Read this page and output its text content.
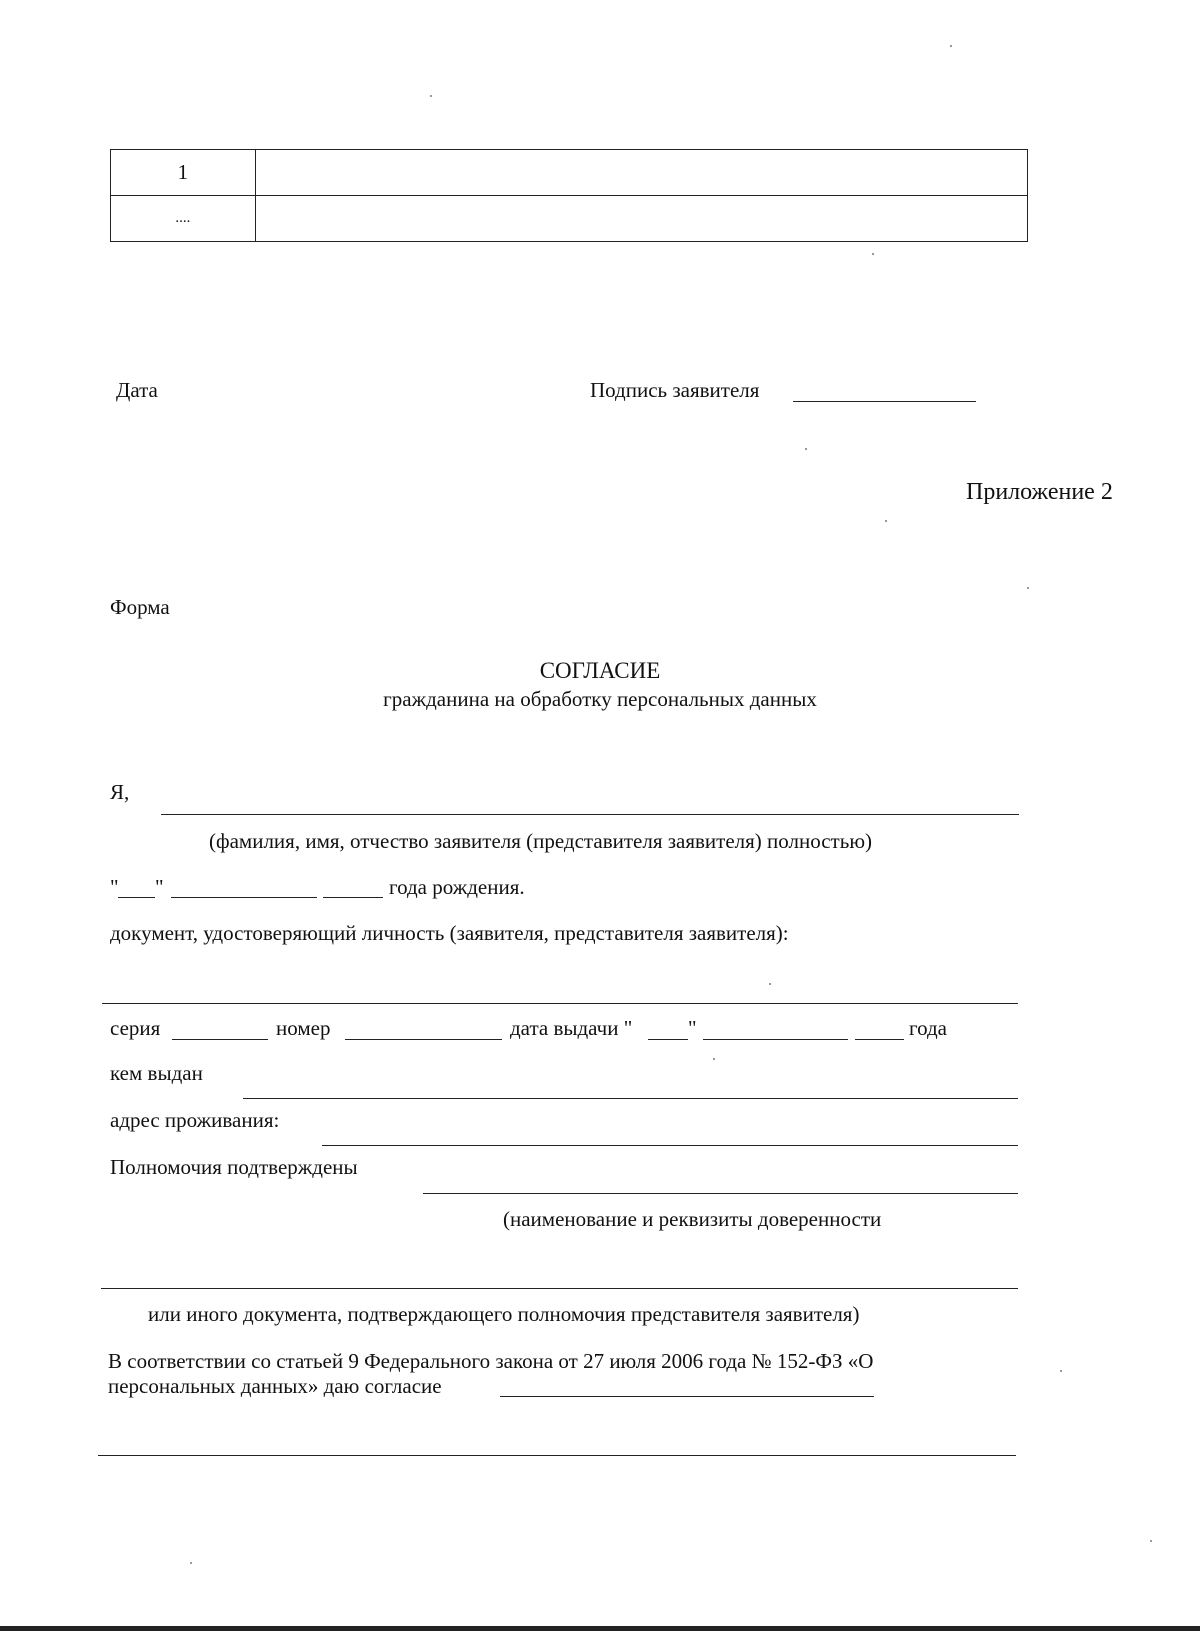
1	
....	
Дата	Подпись заявителя
Приложение 2
Форма
СОГЛАСИЕ
гражданина на обработку персональных данных
Я,
(фамилия, имя, отчество заявителя (представителя заявителя) полностью)
" "	года рождения.
документ, удостоверяющий личность (заявителя, представителя заявителя):
серия	номер	дата выдачи "	"	года
кем выдан
адрес проживания:
Полномочия подтверждены
(наименование и реквизиты доверенности
или иного документа, подтверждающего полномочия представителя заявителя)
В соответствии со статьей 9 Федерального закона от 27 июля 2006 года № 152-ФЗ «О
персональных данных» даю согласие
